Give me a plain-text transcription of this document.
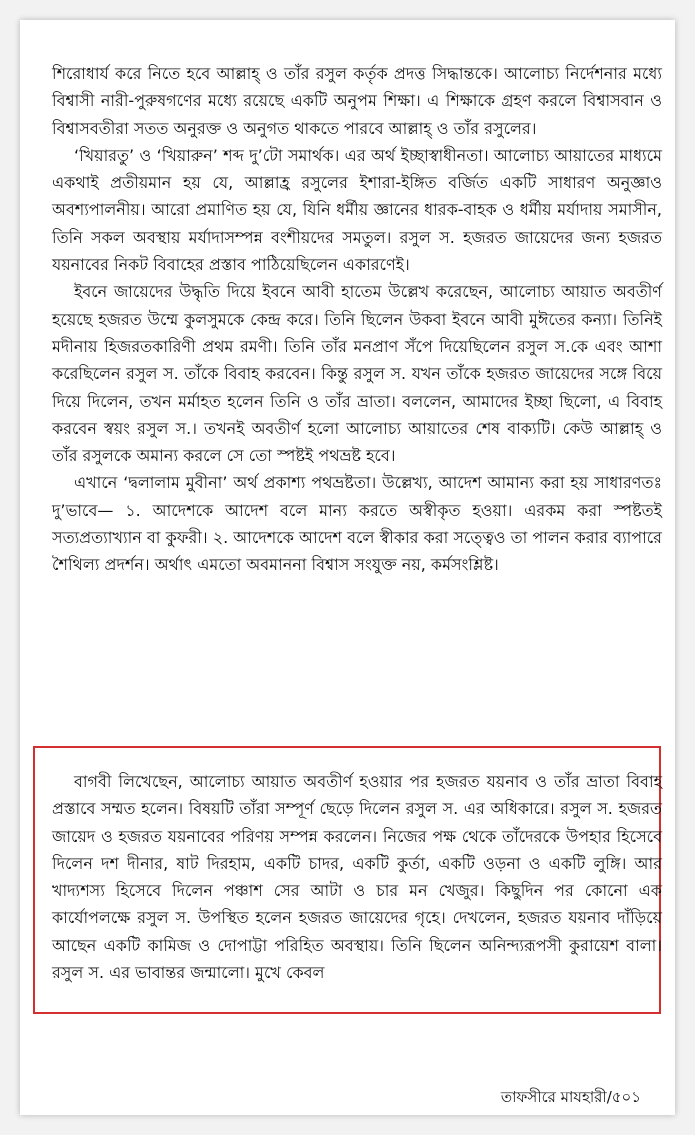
শিরোধার্য করে নিতে হবে আল্লাহ্ ও তাঁর রসুল কর্তৃক প্রদত্ত সিদ্ধান্তকে। আলোচ্য নির্দেশনার মধ্যে বিশ্বাসী নারী-পুরুষগণের মধ্যে রয়েছে একটি অনুপম শিক্ষা। এ শিক্ষাকে গ্রহণ করলে বিশ্বাসবান ও বিশ্বাসবতীরা সতত অনুরক্ত ও অনুগত থাকতে পারবে আল্লাহ্ ও তাঁর রসুলের।

‘খিয়ারতু’ ও ‘খিয়ারুন’ শব্দ দু’টো সমার্থক। এর অর্থ ইচ্ছাস্বাধীনতা। আলোচ্য আয়াতের মাধ্যমে একথাই প্রতীয়মান হয় যে, আল্লাহ্র রসুলের ইশারা-ইঙ্গিত বর্জিত একটি সাধারণ অনুজ্ঞাও অবশ্যপালনীয়। আরো প্রমাণিত হয় যে, যিনি ধর্মীয় জ্ঞানের ধারক-বাহক ও ধর্মীয় মর্যাদায় সমাসীন, তিনি সকল অবস্থায় মর্যাদাসম্পন্ন বংশীয়দের সমতুল। রসুল স. হজরত জায়েদের জন্য হজরত যয়নাবের নিকট বিবাহের প্রস্তাব পাঠিয়েছিলেন একারণেই।

ইবনে জায়েদের উদ্ধৃতি দিয়ে ইবনে আবী হাতেম উল্লেখ করেছেন, আলোচ্য আয়াত অবতীর্ণ হয়েছে হজরত উম্মে কুলসুমকে কেন্দ্র করে। তিনি ছিলেন উকবা ইবনে আবী মুঈতের কন্যা। তিনিই মদীনায় হিজরতকারিণী প্রথম রমণী। তিনি তাঁর মনপ্রাণ সঁপে দিয়েছিলেন রসুল স.কে এবং আশা করেছিলেন রসুল স. তাঁকে বিবাহ করবেন। কিন্তু রসুল স. যখন তাঁকে হজরত জায়েদের সঙ্গে বিয়ে দিয়ে দিলেন, তখন মর্মাহত হলেন তিনি ও তাঁর ভ্রাতা। বললেন, আমাদের ইচ্ছা ছিলো, এ বিবাহ করবেন স্বয়ং রসুল স.। তখনই অবতীর্ণ হলো আলোচ্য আয়াতের শেষ বাক্যটি। কেউ আল্লাহ্ ও তাঁর রসুলকে অমান্য করলে সে তো স্পষ্টই পথভ্রষ্ট হবে।

এখানে ‘দ্বলালাম মুবীনা’ অর্থ প্রকাশ্য পথভ্রষ্টতা। উল্লেখ্য, আদেশ আমান্য করা হয় সাধারণতঃ দু’ভাবে— ১. আদেশকে আদেশ বলে মান্য করতে অস্বীকৃত হওয়া। এরকম করা স্পষ্টতই সত্যপ্রত্যাখ্যান বা কুফরী। ২. আদেশকে আদেশ বলে স্বীকার করা সত্ত্বেও তা পালন করার ব্যাপারে শৈথিল্য প্রদর্শন। অর্থাৎ এমতো অবমাননা বিশ্বাস সংযুক্ত নয়, কর্মসংশ্লিষ্ট।

বাগবী লিখেছেন, আলোচ্য আয়াত অবতীর্ণ হওয়ার পর হজরত যয়নাব ও তাঁর ভ্রাতা বিবাহ প্রস্তাবে সম্মত হলেন। বিষয়টি তাঁরা সম্পূর্ণ ছেড়ে দিলেন রসুল স. এর অধিকারে। রসুল স. হজরত জায়েদ ও হজরত যয়নাবের পরিণয় সম্পন্ন করলেন। নিজের পক্ষ থেকে তাঁদেরকে উপহার হিসেবে দিলেন দশ দীনার, ষাট দিরহাম, একটি চাদর, একটি কুর্তা, একটি ওড়না ও একটি লুঙ্গি। আর খাদ্যশস্য হিসেবে দিলেন পঞ্চাশ সের আটা ও চার মন খেজুর। কিছুদিন পর কোনো এক কার্যোপলক্ষে রসুল স. উপস্থিত হলেন হজরত জায়েদের গৃহে। দেখলেন, হজরত যয়নাব দাঁড়িয়ে আছেন একটি কামিজ ও দোপাট্টা পরিহিত অবস্থায়। তিনি ছিলেন অনিন্দ্যরূপসী কুরায়েশ বালা। রসুল স. এর ভাবান্তর জন্মালো। মুখে কেবল

তাফসীরে মাযহারী/৫০১
